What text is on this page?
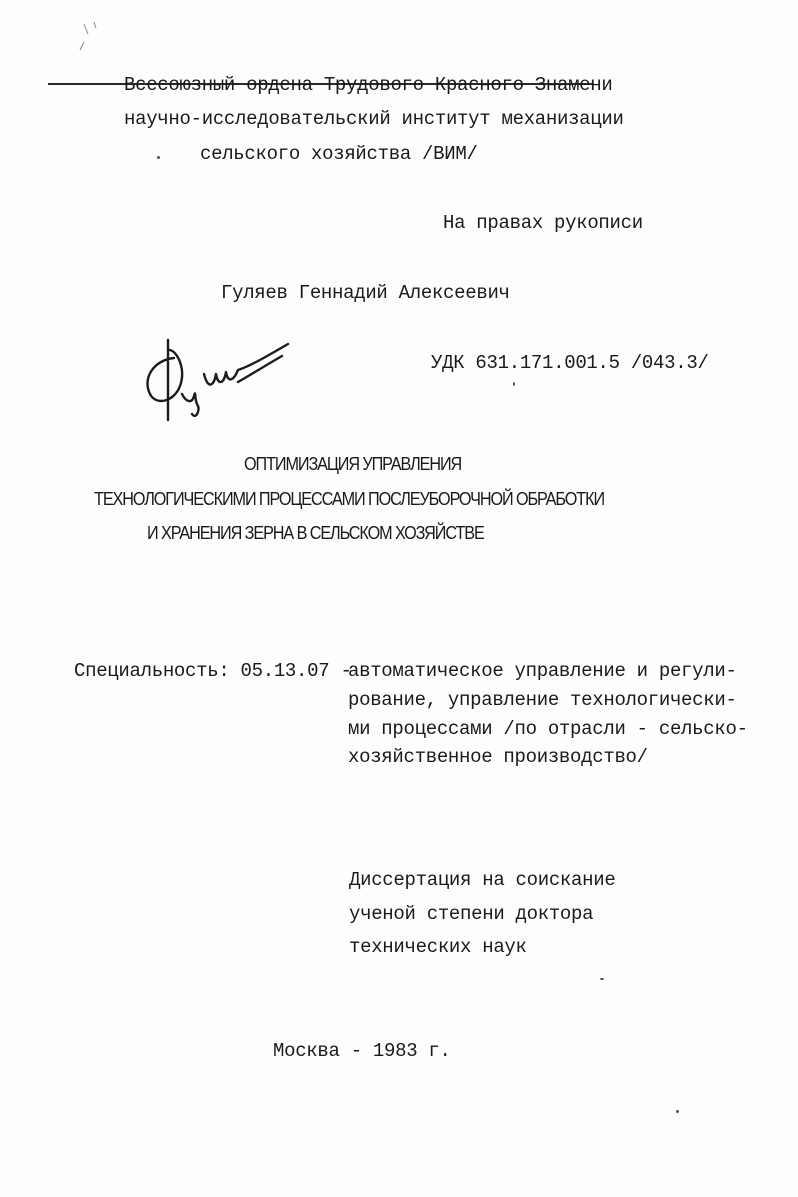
Всесоюзный ордена Трудового Красного Знамени
научно-исследовательский институт механизации
сельского хозяйства /ВИМ/
На правах рукописи
Гуляев Геннадий Алексеевич
УДК 631.171.001.5 /043.3/
ОПТИМИЗАЦИЯ УПРАВЛЕНИЯ
ТЕХНОЛОГИЧЕСКИМИ ПРОЦЕССАМИ ПОСЛЕУБОРОЧНОЙ ОБРАБОТКИ
И ХРАНЕНИЯ ЗЕРНА В СЕЛЬСКОМ ХОЗЯЙСТВЕ
Специальность: 05.13.07 -
автоматическое управление и регули-
рование, управление технологически-
ми процессами /по отрасли - сельско-
хозяйственное производство/
Диссертация на соискание
ученой степени доктора
технических наук
Москва - 1983 г.
